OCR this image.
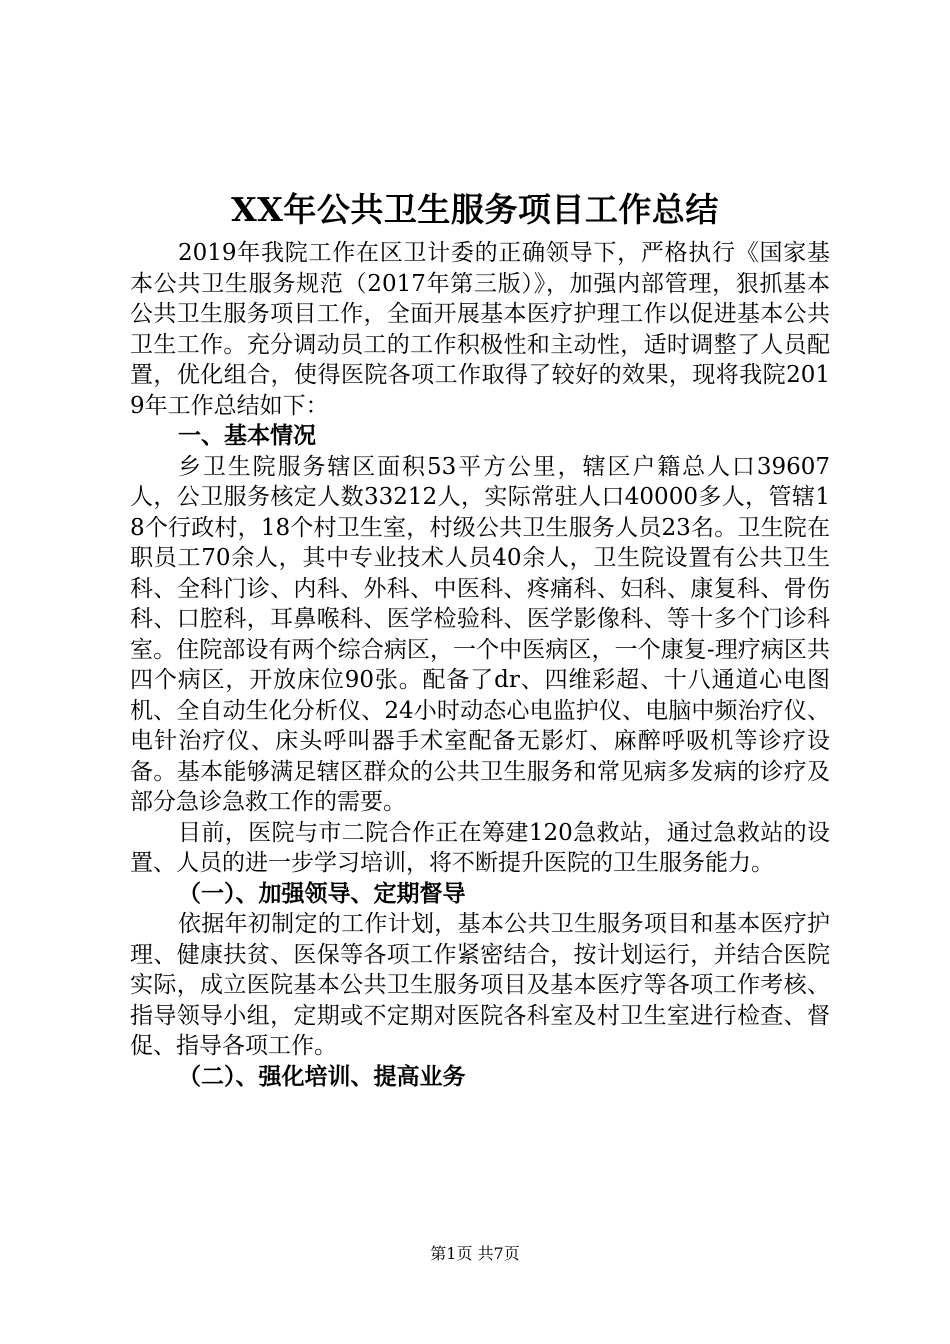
XX年公共卫生服务项目工作总结

2019年我院工作在区卫计委的正确领导下，严格执行《国家基本公共卫生服务规范（2017年第三版）》，加强内部管理，狠抓基本公共卫生服务项目工作，全面开展基本医疗护理工作以促进基本公共卫生工作。充分调动员工的工作积极性和主动性，适时调整了人员配置，优化组合，使得医院各项工作取得了较好的效果，现将我院2019年工作总结如下：

一、基本情况

乡卫生院服务辖区面积53平方公里，辖区户籍总人口39607人，公卫服务核定人数33212人，实际常驻人口40000多人，管辖18个行政村，18个村卫生室，村级公共卫生服务人员23名。卫生院在职员工70余人，其中专业技术人员40余人，卫生院设置有公共卫生科、全科门诊、内科、外科、中医科、疼痛科、妇科、康复科、骨伤科、口腔科，耳鼻喉科、医学检验科、医学影像科、等十多个门诊科室。住院部设有两个综合病区，一个中医病区，一个康复-理疗病区共四个病区，开放床位90张。配备了dr、四维彩超、十八通道心电图机、全自动生化分析仪、24小时动态心电监护仪、电脑中频治疗仪、电针治疗仪、床头呼叫器手术室配备无影灯、麻醉呼吸机等诊疗设备。基本能够满足辖区群众的公共卫生服务和常见病多发病的诊疗及部分急诊急救工作的需要。

目前，医院与市二院合作正在筹建120急救站，通过急救站的设置、人员的进一步学习培训，将不断提升医院的卫生服务能力。

（一）、加强领导、定期督导

依据年初制定的工作计划，基本公共卫生服务项目和基本医疗护理、健康扶贫、医保等各项工作紧密结合，按计划运行，并结合医院实际，成立医院基本公共卫生服务项目及基本医疗等各项工作考核、指导领导小组，定期或不定期对医院各科室及村卫生室进行检查、督促、指导各项工作。

（二）、强化培训、提高业务

第1页 共7页
